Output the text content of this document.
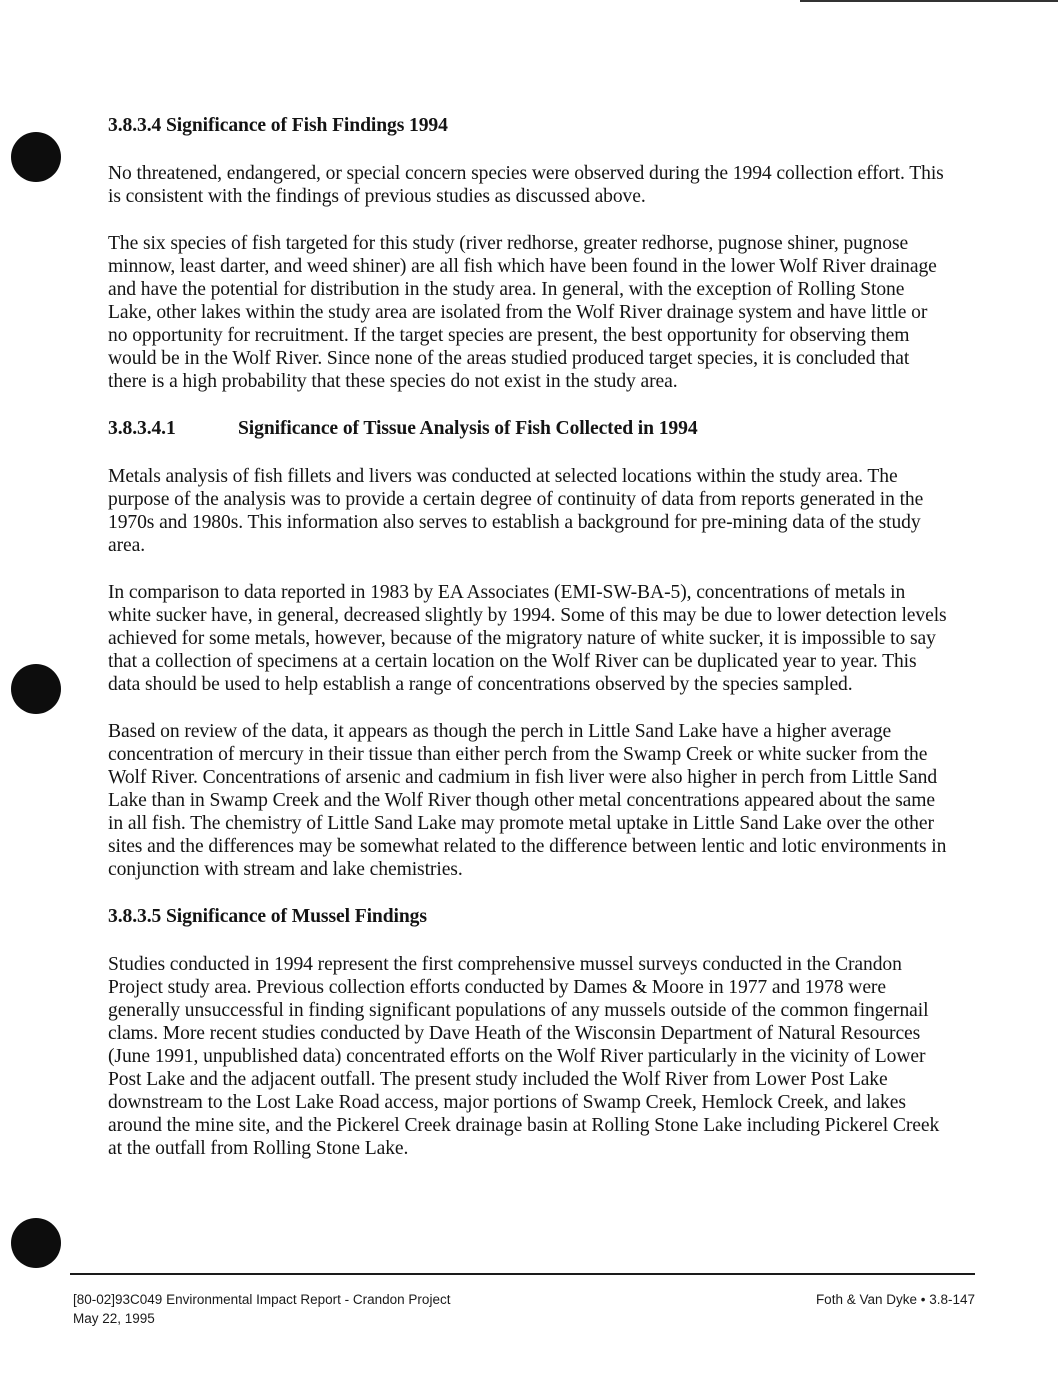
3.8.3.4 Significance of Fish Findings 1994

No threatened, endangered, or special concern species were observed during the 1994 collection effort. This is consistent with the findings of previous studies as discussed above.

The six species of fish targeted for this study (river redhorse, greater redhorse, pugnose shiner, pugnose minnow, least darter, and weed shiner) are all fish which have been found in the lower Wolf River drainage and have the potential for distribution in the study area. In general, with the exception of Rolling Stone Lake, other lakes within the study area are isolated from the Wolf River drainage system and have little or no opportunity for recruitment. If the target species are present, the best opportunity for observing them would be in the Wolf River. Since none of the areas studied produced target species, it is concluded that there is a high probability that these species do not exist in the study area.

3.8.3.4.1	Significance of Tissue Analysis of Fish Collected in 1994

Metals analysis of fish fillets and livers was conducted at selected locations within the study area. The purpose of the analysis was to provide a certain degree of continuity of data from reports generated in the 1970s and 1980s. This information also serves to establish a background for pre-mining data of the study area.

In comparison to data reported in 1983 by EA Associates (EMI-SW-BA-5), concentrations of metals in white sucker have, in general, decreased slightly by 1994. Some of this may be due to lower detection levels achieved for some metals, however, because of the migratory nature of white sucker, it is impossible to say that a collection of specimens at a certain location on the Wolf River can be duplicated year to year. This data should be used to help establish a range of concentrations observed by the species sampled.

Based on review of the data, it appears as though the perch in Little Sand Lake have a higher average concentration of mercury in their tissue than either perch from the Swamp Creek or white sucker from the Wolf River. Concentrations of arsenic and cadmium in fish liver were also higher in perch from Little Sand Lake than in Swamp Creek and the Wolf River though other metal concentrations appeared about the same in all fish. The chemistry of Little Sand Lake may promote metal uptake in Little Sand Lake over the other sites and the differences may be somewhat related to the difference between lentic and lotic environments in conjunction with stream and lake chemistries.

3.8.3.5 Significance of Mussel Findings

Studies conducted in 1994 represent the first comprehensive mussel surveys conducted in the Crandon Project study area. Previous collection efforts conducted by Dames & Moore in 1977 and 1978 were generally unsuccessful in finding significant populations of any mussels outside of the common fingernail clams. More recent studies conducted by Dave Heath of the Wisconsin Department of Natural Resources (June 1991, unpublished data) concentrated efforts on the Wolf River particularly in the vicinity of Lower Post Lake and the adjacent outfall. The present study included the Wolf River from Lower Post Lake downstream to the Lost Lake Road access, major portions of Swamp Creek, Hemlock Creek, and lakes around the mine site, and the Pickerel Creek drainage basin at Rolling Stone Lake including Pickerel Creek at the outfall from Rolling Stone Lake.

[80-02]93C049 Environmental Impact Report - Crandon Project
May 22, 1995
Foth & Van Dyke • 3.8-147
